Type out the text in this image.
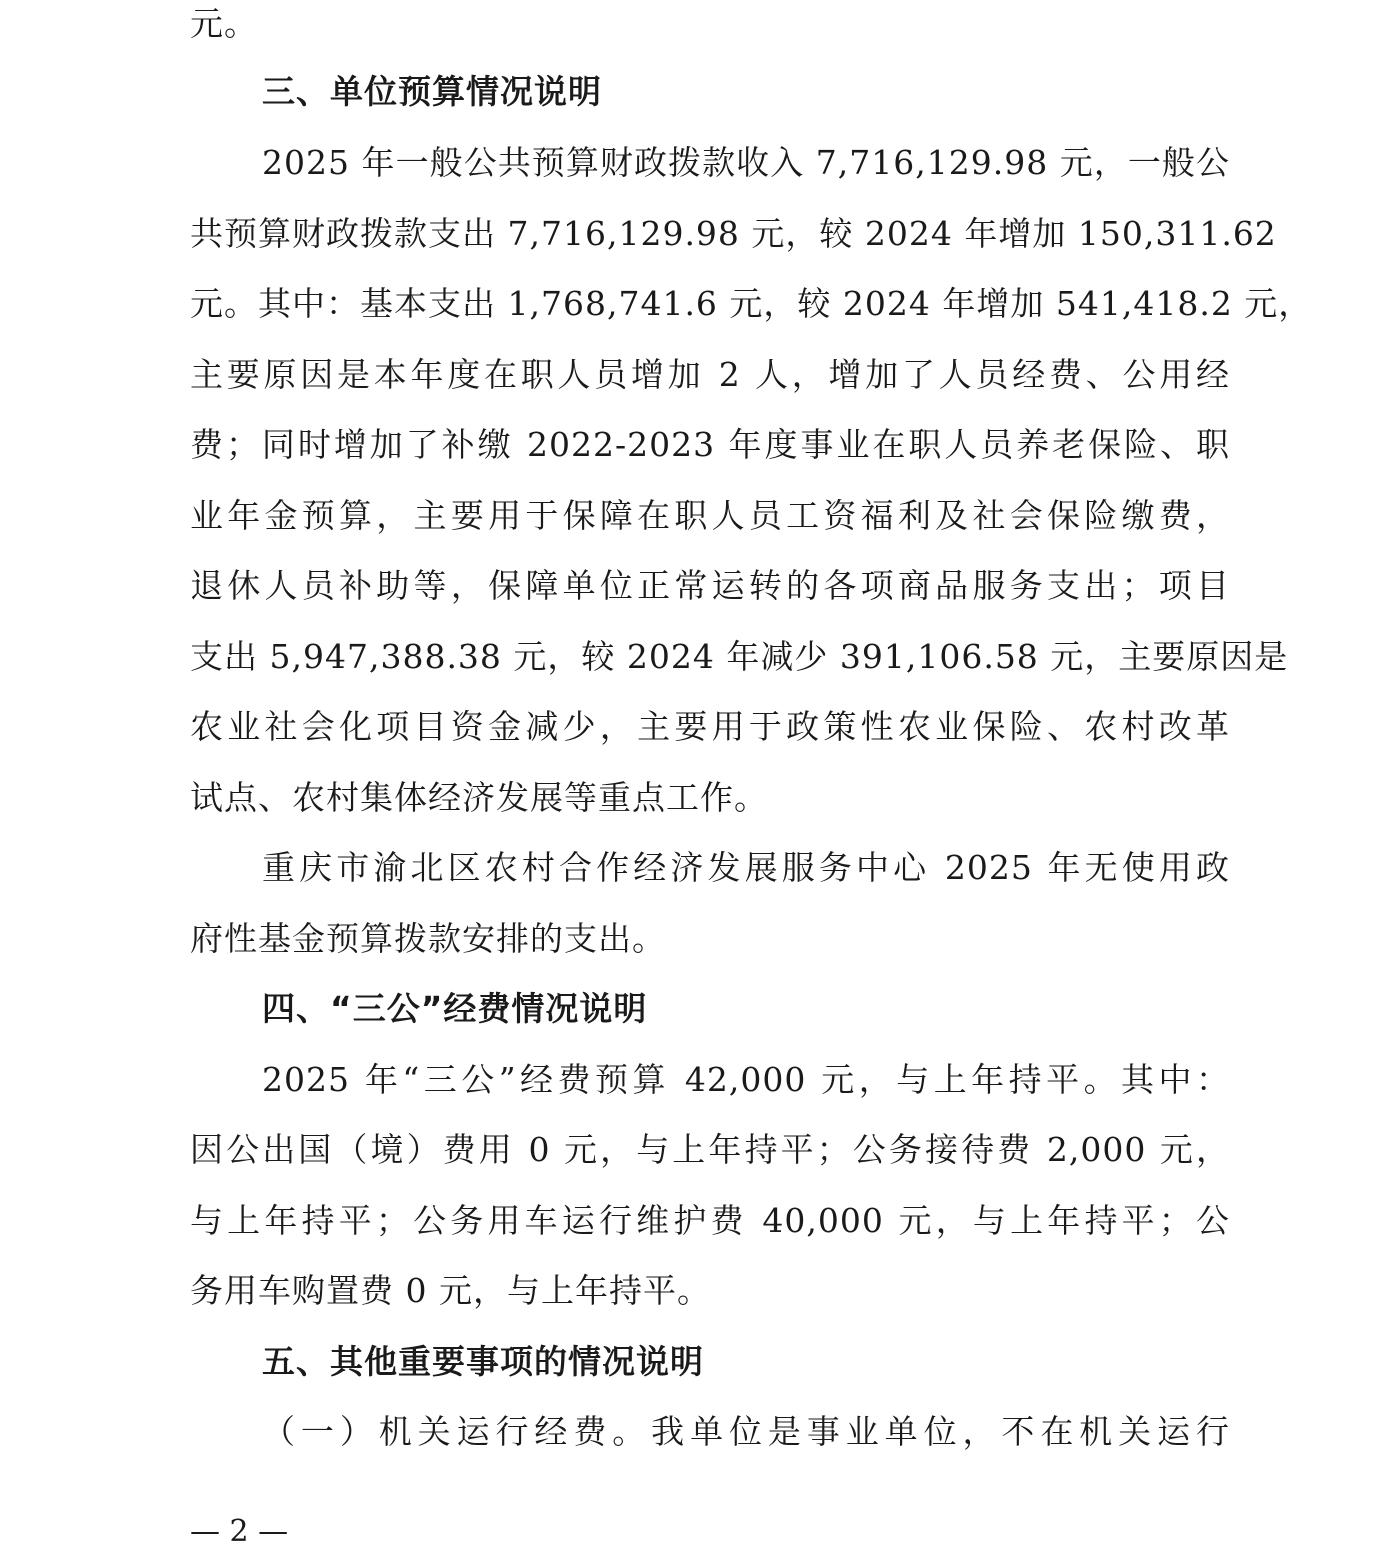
元。
三、单位预算情况说明
2025 年一般公共预算财政拨款收入 7,716,129.98 元，一般公
共预算财政拨款支出 7,716,129.98 元，较 2024 年增加 150,311.62
元。其中：基本支出 1,768,741.6 元，较 2024 年增加 541,418.2 元，
主要原因是本年度在职人员增加 2 人，增加了人员经费、公用经
费；同时增加了补缴 2022-2023 年度事业在职人员养老保险、职
业年金预算，主要用于保障在职人员工资福利及社会保险缴费，
退休人员补助等，保障单位正常运转的各项商品服务支出；项目
支出 5,947,388.38 元，较 2024 年减少 391,106.58 元，主要原因是
农业社会化项目资金减少，主要用于政策性农业保险、农村改革
试点、农村集体经济发展等重点工作。
重庆市渝北区农村合作经济发展服务中心 2025 年无使用政
府性基金预算拨款安排的支出。
四、“三公”经费情况说明
2025 年“三公”经费预算 42,000 元，与上年持平。其中：
因公出国（境）费用 0 元，与上年持平；公务接待费 2,000 元，
与上年持平；公务用车运行维护费 40,000 元，与上年持平；公
务用车购置费 0 元，与上年持平。
五、其他重要事项的情况说明
（一）机关运行经费。我单位是事业单位，不在机关运行
— 2 —
